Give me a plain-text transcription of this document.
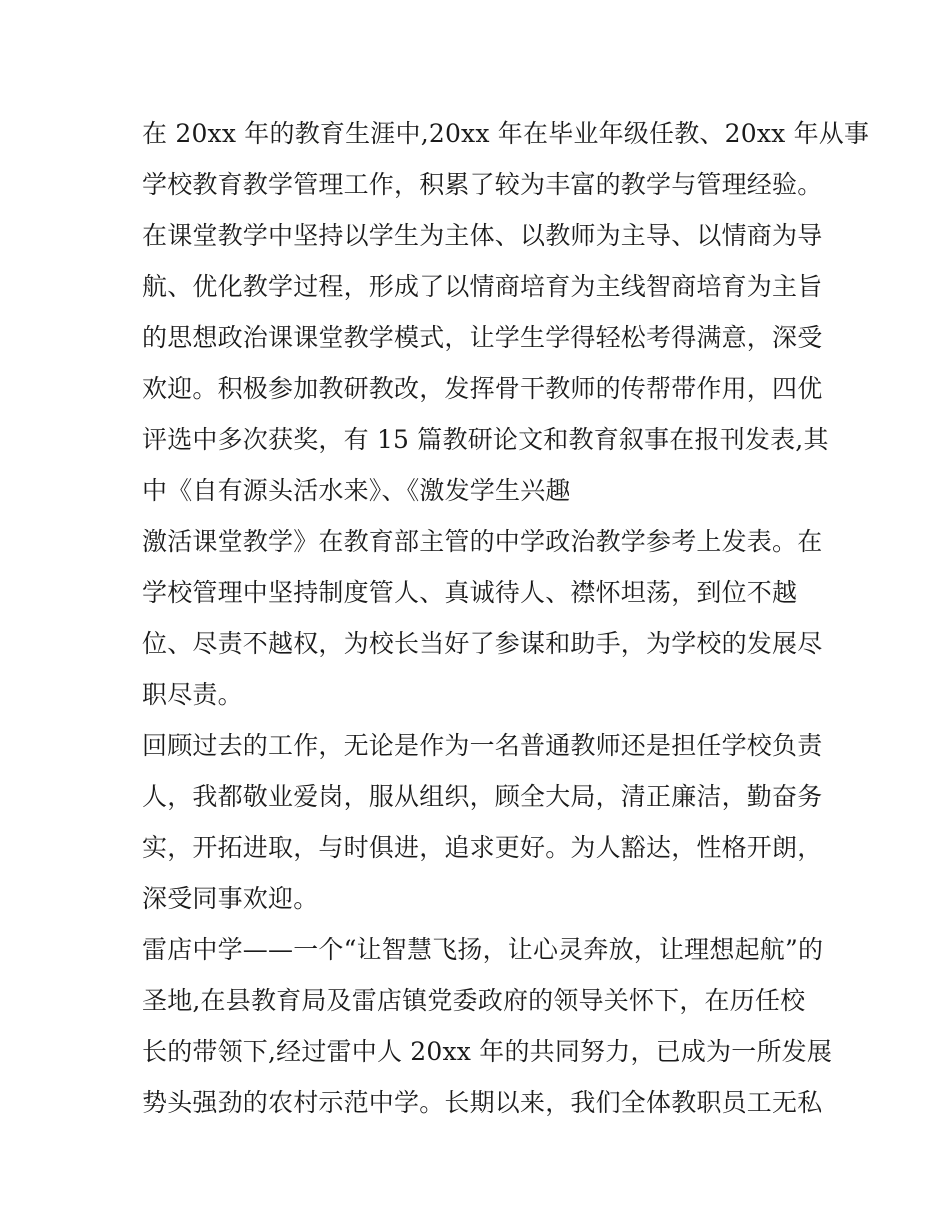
在 20xx 年的教育生涯中,20xx 年在毕业年级任教、20xx 年从事
学校教育教学管理工作，积累了较为丰富的教学与管理经验。
在课堂教学中坚持以学生为主体、以教师为主导、以情商为导
航、优化教学过程，形成了以情商培育为主线智商培育为主旨
的思想政治课课堂教学模式，让学生学得轻松考得满意，深受
欢迎。积极参加教研教改，发挥骨干教师的传帮带作用，四优
评选中多次获奖，有 15 篇教研论文和教育叙事在报刊发表,其
中《自有源头活水来》、《激发学生兴趣
激活课堂教学》在教育部主管的中学政治教学参考上发表。在
学校管理中坚持制度管人、真诚待人、襟怀坦荡，到位不越
位、尽责不越权，为校长当好了参谋和助手，为学校的发展尽
职尽责。
回顾过去的工作，无论是作为一名普通教师还是担任学校负责
人，我都敬业爱岗，服从组织，顾全大局，清正廉洁，勤奋务
实，开拓进取，与时俱进，追求更好。为人豁达，性格开朗，
深受同事欢迎。
雷店中学——一个“让智慧飞扬，让心灵奔放，让理想起航”的
圣地,在县教育局及雷店镇党委政府的领导关怀下，在历任校
长的带领下,经过雷中人 20xx 年的共同努力，已成为一所发展
势头强劲的农村示范中学。长期以来，我们全体教职员工无私
